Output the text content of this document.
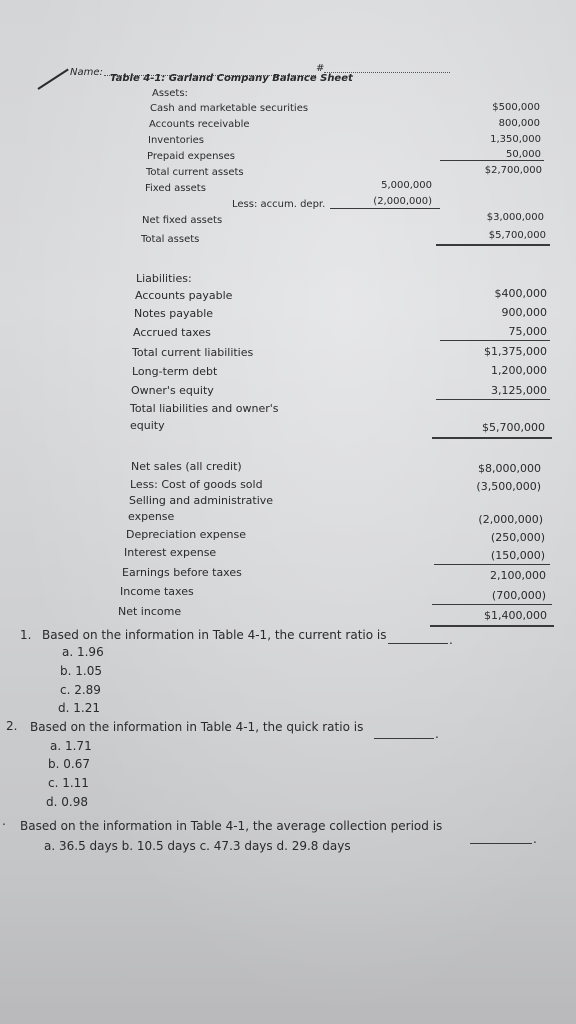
Name:	#
Table 4-1: Garland Company Balance Sheet
Assets:
Cash and marketable securities	$500,000
Accounts receivable	800,000
Inventories	1,350,000
Prepaid expenses	50,000
Total current assets	$2,700,000
Fixed assets	5,000,000
Less: accum. depr.	(2,000,000)
Net fixed assets	$3,000,000
Total assets	$5,700,000
Liabilities:
Accounts payable	$400,000
Notes payable	900,000
Accrued taxes	75,000
Total current liabilities	$1,375,000
Long-term debt	1,200,000
Owner's equity	3,125,000
Total liabilities and owner's
equity	$5,700,000
Net sales (all credit)	$8,000,000
Less: Cost of goods sold	(3,500,000)
Selling and administrative
expense	(2,000,000)
Depreciation expense	(250,000)
Interest expense	(150,000)
Earnings before taxes	2,100,000
Income taxes	(700,000)
Net income	$1,400,000
1. Based on the information in Table 4-1, the current ratio is	.
a. 1.96
b. 1.05
c. 2.89
d. 1.21
2. Based on the information in Table 4-1, the quick ratio is	.
a. 1.71
b. 0.67
c. 1.11
d. 0.98
. Based on the information in Table 4-1, the average collection period is
.
a. 36.5 days b. 10.5 days c. 47.3 days d. 29.8 days
